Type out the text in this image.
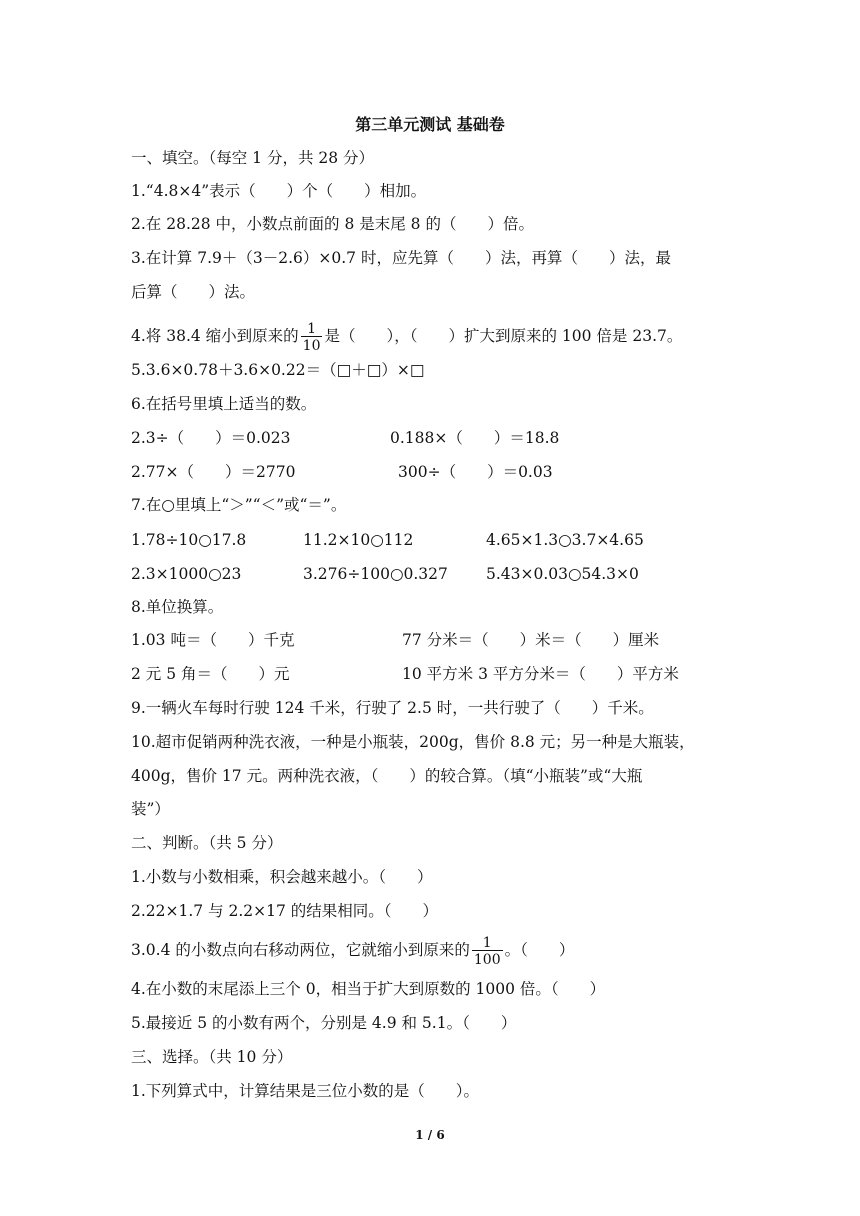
第三单元测试 基础卷
一、填空。（每空 1 分，共 28 分）
1.“4.8×4”表示（　　）个（　　）相加。
2.在 28.28 中，小数点前面的 8 是末尾 8 的（　　）倍。
3.在计算 7.9＋（3－2.6）×0.7 时，应先算（　　）法，再算（　　）法，最
后算（　　）法。
4.将 38.4 缩小到原来的 $\frac{1}{10}$ 是（　　），（　　）扩大到原来的 100 倍是 23.7。
5.3.6×0.78＋3.6×0.22＝（□＋□）×□
6.在括号里填上适当的数。
2.3÷（　　）＝0.023	0.188×（　　）＝18.8
2.77×（　　）＝2770	300÷（　　）＝0.03
7.在○里填上“＞”“＜”或“＝”。
1.78÷10○17.8	11.2×10○112	4.65×1.3○3.7×4.65
2.3×1000○23	3.276÷100○0.327 5.43×0.03○54.3×0
8.单位换算。
1.03 吨＝（　　）千克	77 分米＝（　　）米＝（　　）厘米
2 元 5 角＝（　　）元	10 平方米 3 平方分米＝（　　）平方米
9.一辆火车每时行驶 124 千米，行驶了 2.5 时，一共行驶了（　　）千米。
10.超市促销两种洗衣液，一种是小瓶装，200g，售价 8.8 元；另一种是大瓶装，
400g，售价 17 元。两种洗衣液，（　　）的较合算。（填“小瓶装”或“大瓶
装”）
二、判断。（共 5 分）
1.小数与小数相乘，积会越来越小。（　　）
2.22×1.7 与 2.2×17 的结果相同。（　　）
3.0.4 的小数点向右移动两位，它就缩小到原来的 $\frac{1}{100}$ 。（　　）
4.在小数的末尾添上三个 0，相当于扩大到原数的 1000 倍。（　　）
5.最接近 5 的小数有两个，分别是 4.9 和 5.1。（　　）
三、选择。（共 10 分）
1.下列算式中，计算结果是三位小数的是（　　）。
1 / 6
